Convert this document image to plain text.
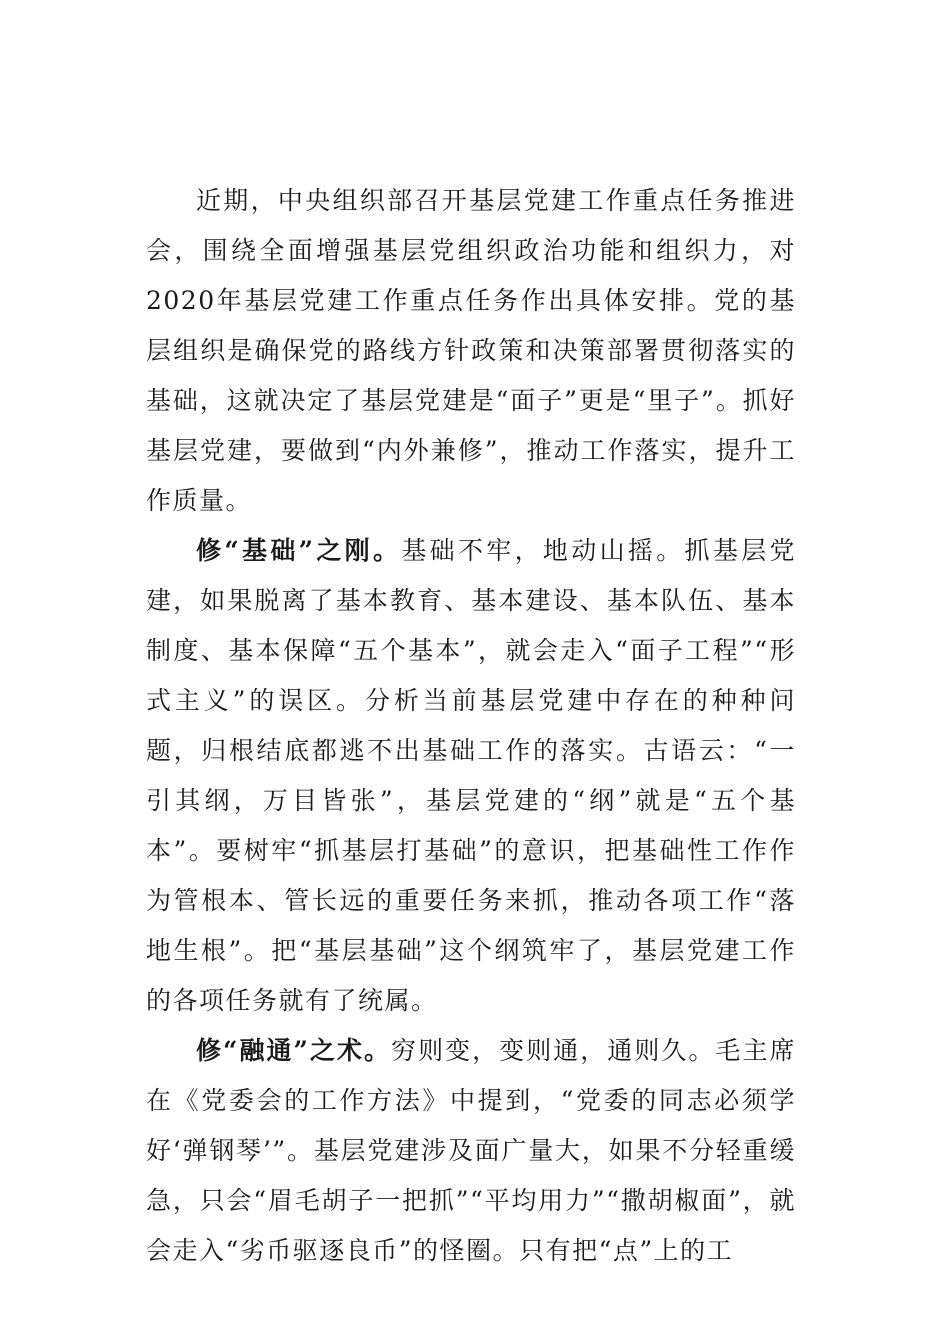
近期，中央组织部召开基层党建工作重点任务推进会，围绕全面增强基层党组织政治功能和组织力，对2020年基层党建工作重点任务作出具体安排。党的基层组织是确保党的路线方针政策和决策部署贯彻落实的基础，这就决定了基层党建是“面子”更是“里子”。抓好基层党建，要做到“内外兼修”，推动工作落实，提升工作质量。

修“基础”之刚。基础不牢，地动山摇。抓基层党建，如果脱离了基本教育、基本建设、基本队伍、基本制度、基本保障“五个基本”，就会走入“面子工程”“形式主义”的误区。分析当前基层党建中存在的种种问题，归根结底都逃不出基础工作的落实。古语云：“一引其纲，万目皆张”，基层党建的“纲”就是“五个基本”。要树牢“抓基层打基础”的意识，把基础性工作作为管根本、管长远的重要任务来抓，推动各项工作“落地生根”。把“基层基础”这个纲筑牢了，基层党建工作的各项任务就有了统属。

修“融通”之术。穷则变，变则通，通则久。毛主席在《党委会的工作方法》中提到，“党委的同志必须学好‘弹钢琴’”。基层党建涉及面广量大，如果不分轻重缓急，只会“眉毛胡子一把抓”“平均用力”“撒胡椒面”，就会走入“劣币驱逐良币”的怪圈。只有把“点”上的工
